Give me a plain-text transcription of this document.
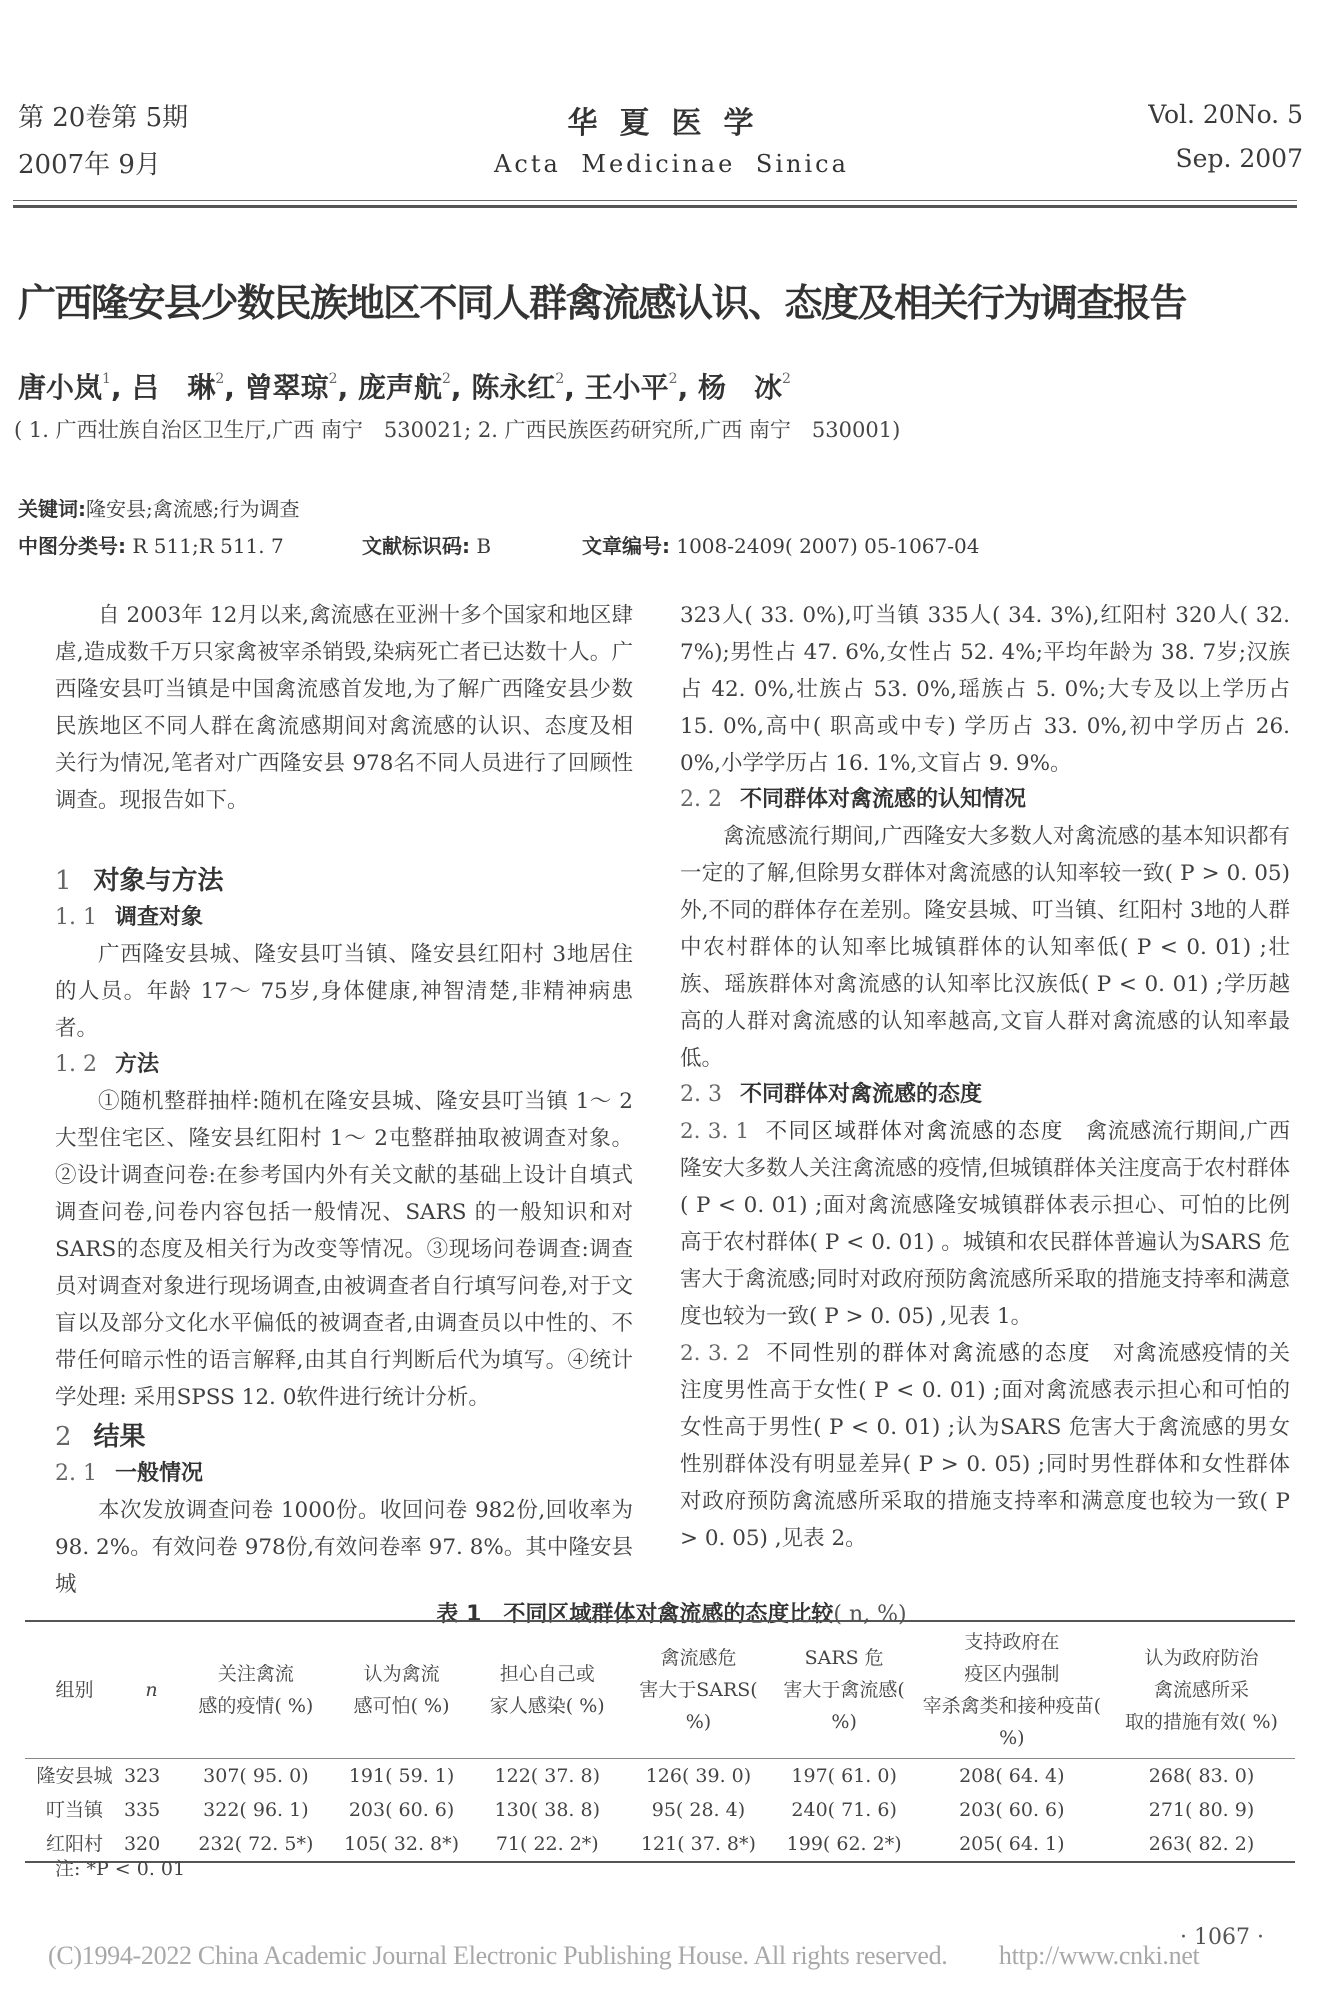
第 20卷第 5期
2007年 9月
华夏医学
Acta Medicinae Sinica
Vol. 20No. 5
Sep. 2007
广西隆安县少数民族地区不同人群禽流感认识、态度及相关行为调查报告
唐小岚$^1$, 吕　琳$^2$, 曾翠琼$^2$, 庞声航$^2$, 陈永红$^2$, 王小平$^2$, 杨　冰$^2$
( 1. 广西壮族自治区卫生厅,广西 南宁　530021; 2. 广西民族医药研究所,广西 南宁　530001)
关键词:隆安县;禽流感;行为调查
中图分类号: R 511;R 511. 7	文献标识码: B	文章编号: 1008-2409( 2007) 05-1067-04

自 2003年 12月以来,禽流感在亚洲十多个国家和地区肆虐,造成数千万只家禽被宰杀销毁,染病死亡者已达数十人。广西隆安县叮当镇是中国禽流感首发地,为了解广西隆安县少数民族地区不同人群在禽流感期间对禽流感的认识、态度及相关行为情况,笔者对广西隆安县 978名不同人员进行了回顾性调查。现报告如下。

1 对象与方法
1. 1 调查对象

广西隆安县城、隆安县叮当镇、隆安县红阳村 3地居住的人员。年龄 17～ 75岁,身体健康,神智清楚,非精神病患者。

1. 2 方法

①随机整群抽样:随机在隆安县城、隆安县叮当镇 1～ 2大型住宅区、隆安县红阳村 1～ 2屯整群抽取被调查对象。②设计调查问卷:在参考国内外有关文献的基础上设计自填式调查问卷,问卷内容包括一般情况、SARS 的一般知识和对SARS的态度及相关行为改变等情况。③现场问卷调查:调查员对调查对象进行现场调查,由被调查者自行填写问卷,对于文盲以及部分文化水平偏低的被调查者,由调查员以中性的、不带任何暗示性的语言解释,由其自行判断后代为填写。④统计学处理: 采用SPSS 12. 0软件进行统计分析。

2 结果
2. 1 一般情况

本次发放调查问卷 1000份。收回问卷 982份,回收率为 98. 2%。有效问卷 978份,有效问卷率 97. 8%。其中隆安县城

323人( 33. 0%),叮当镇 335人( 34. 3%),红阳村 320人( 32. 7%);男性占 47. 6%,女性占 52. 4%;平均年龄为 38. 7岁;汉族占 42. 0%,壮族占 53. 0%,瑶族占 5. 0%;大专及以上学历占 15. 0%,高中( 职高或中专) 学历占 33. 0%,初中学历占 26. 0%,小学学历占 16. 1%,文盲占 9. 9%。

2. 2 不同群体对禽流感的认知情况

禽流感流行期间,广西隆安大多数人对禽流感的基本知识都有一定的了解,但除男女群体对禽流感的认知率较一致( P > 0. 05) 外,不同的群体存在差别。隆安县城、叮当镇、红阳村 3地的人群中农村群体的认知率比城镇群体的认知率低( P < 0. 01) ;壮族、瑶族群体对禽流感的认知率比汉族低( P < 0. 01) ;学历越高的人群对禽流感的认知率越高,文盲人群对禽流感的认知率最低。

2. 3 不同群体对禽流感的态度

2. 3. 1 不同区域群体对禽流感的态度 禽流感流行期间,广西隆安大多数人关注禽流感的疫情,但城镇群体关注度高于农村群体( P < 0. 01) ;面对禽流感隆安城镇群体表示担心、可怕的比例高于农村群体( P < 0. 01) 。城镇和农民群体普遍认为SARS 危害大于禽流感;同时对政府预防禽流感所采取的措施支持率和满意度也较为一致( P > 0. 05) ,见表 1。

2. 3. 2 不同性别的群体对禽流感的态度 对禽流感疫情的关注度男性高于女性( P < 0. 01) ;面对禽流感表示担心和可怕的女性高于男性( P < 0. 01) ;认为SARS 危害大于禽流感的男女性别群体没有明显差异( P > 0. 05) ;同时男性群体和女性群体对政府预防禽流感所采取的措施支持率和满意度也较为一致( P > 0. 05) ,见表 2。

表 1　不同区域群体对禽流感的态度比较( n, %)
组别	n	关注禽流
感的疫情( %)	认为禽流
感可怕( %)	担心自己或
家人感染( %)	禽流感危
害大于SARS( %)	SARS 危
害大于禽流感( %)	支持政府在
疫区内强制
宰杀禽类和接种疫苗( %)	认为政府防治
禽流感所采
取的措施有效( %)
隆安县城	323	307( 95. 0)	191( 59. 1)	122( 37. 8)	126( 39. 0)	197( 61. 0)	208( 64. 4)	268( 83. 0)
叮当镇	335	322( 96. 1)	203( 60. 6)	130( 38. 8)	95( 28. 4)	240( 71. 6)	203( 60. 6)	271( 80. 9)
红阳村	320	232( 72. 5*)	105( 32. 8*)	71( 22. 2*)	121( 37. 8*)	199( 62. 2*)	205( 64. 1)	263( 82. 2)
注: *P < 0. 01
· 1067 ·
(C)1994-2022 China Academic Journal Electronic Publishing House. All rights reserved.　　http://www.cnki.net
